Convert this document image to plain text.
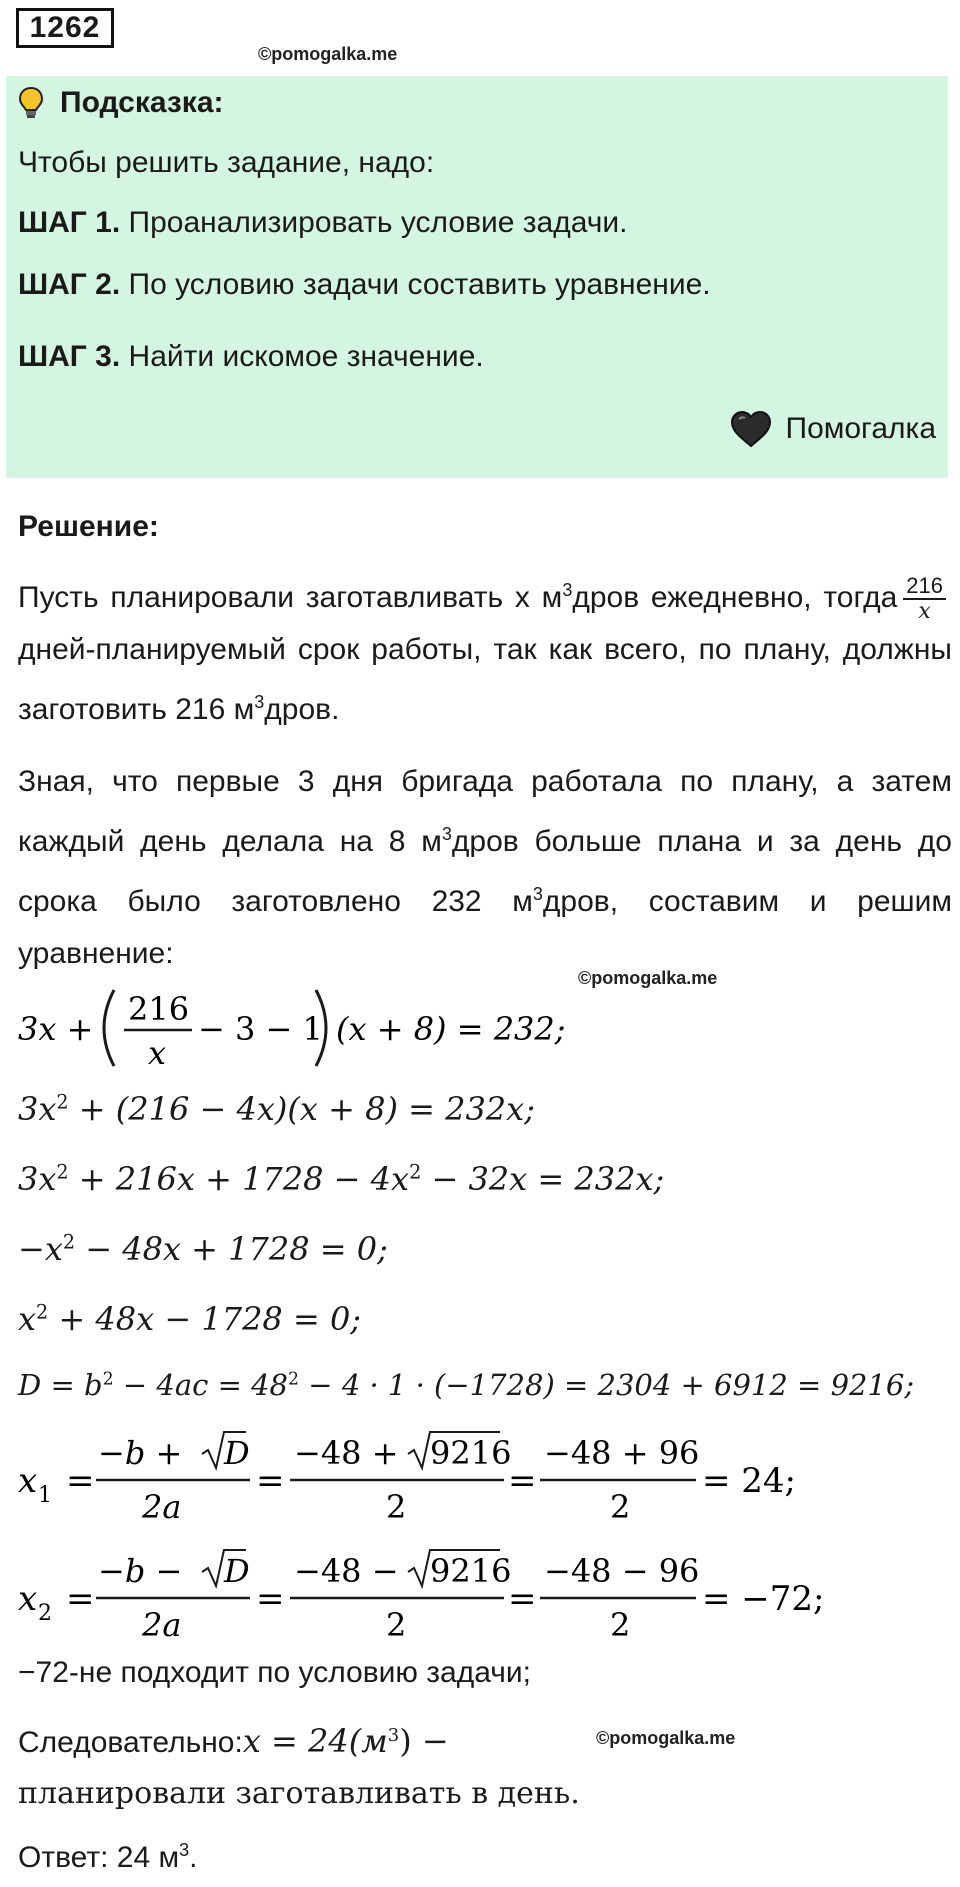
1262
©pomogalka.me
Подсказка:
Чтобы решить задание, надо:
ШАГ 1. Проанализировать условие задачи.
ШАГ 2. По условию задачи составить уравнение.
ШАГ 3. Найти искомое значение.
Помогалка
Решение:
Пусть планировали заготавливать х $м^3дров$ ежедневно, тогда $\frac{216}{x}$
дней-планируемый срок работы, так как всего, по плану, должны заготовить 216 $м^3дров$.
Зная, что первые 3 дня бригада работала по плану, а затем каждый день делала на 8 $м^3дров$ больше плана и за день до срока было заготовлено 232 $м^3дров$, составим и решим уравнение:
©pomogalka.me
3x +
216
x
− 3 − 1 (x + 8) = 232;
$3x^2 + (216 - 4x)(x + 8) = 232x$;
$3x^2 + 216x + 1728 - 4x^2 - 32x = 232x$;
$-x^2 - 48x + 1728 = 0$;
$x^2 + 48x - 1728 = 0$;
$D = b^2 - 4ac = 48^2 - 4 \cdot 1 \cdot (-1728) = 2304 + 6912 = 9216$;
x 1 =
−b + D
2a
=
−48 + 9216
2
=
−48 + 96
2
= 24;
x 2 =
−b − D
2a
=
−48 − 9216
2
=
−48 − 96
2
= −72;
−72-не подходит по условию задачи;
Следовательно:x = $24(м^3)$ −	©pomogalka.me
планировали заготавливать в день.
Ответ: 24 $м^3$.
